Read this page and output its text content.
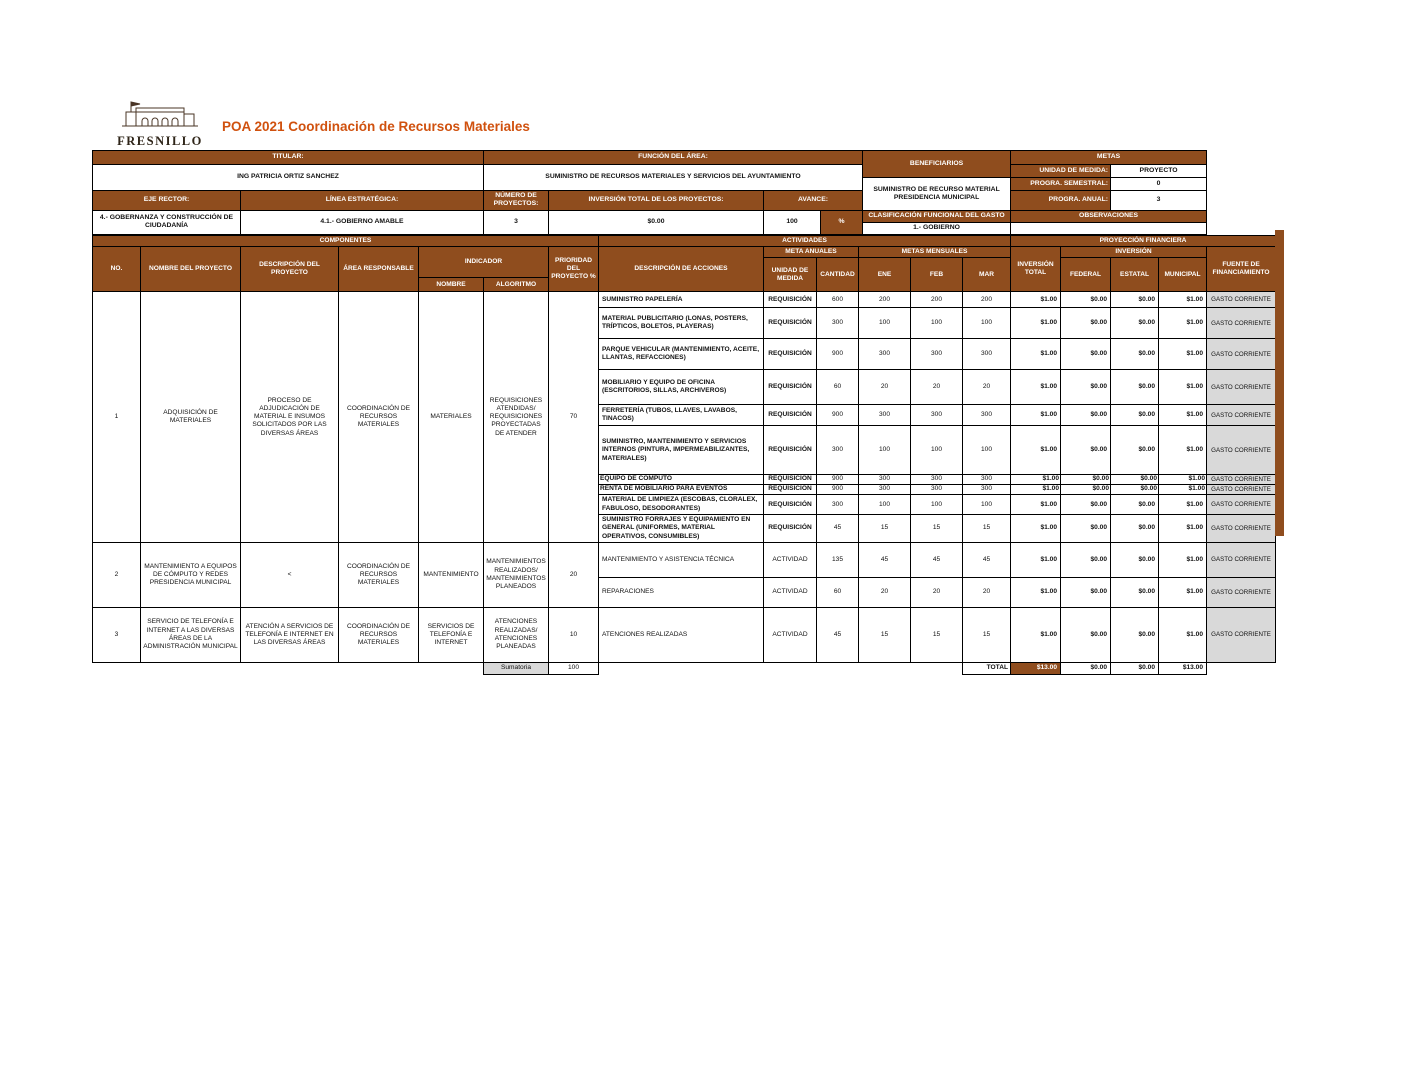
FRESNILLO
POA 2021 Coordinación de Recursos Materiales
TITULAR:		FUNCIÓN DEL ÁREA:				BENEFICIARIOS	METAS	
ING PATRICIA ORTIZ SANCHEZ		SUMINISTRO DE RECURSOS MATERIALES Y SERVICIOS DEL AYUNTAMIENTO					UNIDAD DE MEDIDA:	PROYECTO
						SUMINISTRO DE RECURSO MATERIAL PRESIDENCIA MUNICIPAL	PROGRA. SEMESTRAL:	0
EJE RECTOR:	LÍNEA ESTRATÉGICA:	NÚMERO DE PROYECTOS:	INVERSIÓN TOTAL DE LOS PROYECTOS:	AVANCE:			PROGRA. ANUAL:	3
4.- GOBERNANZA Y CONSTRUCCIÓN DE CIUDADANÍA	4.1.- GOBIERNO AMABLE	3	$0.00	100	%	CLASIFICACIÓN FUNCIONAL DEL GASTO	OBSERVACIONES	
						1.- GOBIERNO		
COMPONENTES							ACTIVIDADES						PROYECCIÓN FINANCIERA				
NO.	NOMBRE DEL PROYECTO	DESCRIPCIÓN DEL PROYECTO	ÁREA RESPONSABLE	INDICADOR		PRIORIDAD DEL PROYECTO %	DESCRIPCIÓN DE ACCIONES	META ANUALES		METAS MENSUALES			INVERSIÓN TOTAL	INVERSIÓN			FUENTE DE FINANCIAMIENTO
								UNIDAD DE MEDIDA	CANTIDAD	ENE	FEB	MAR		FEDERAL	ESTATAL	MUNICIPAL	
				NOMBRE	ALGORITMO												
1	ADQUISICIÓN DE MATERIALES	PROCESO DE ADJUDICACIÓN DE MATERIAL E INSUMOS SOLICITADOS POR LAS DIVERSAS ÁREAS	COORDINACIÓN DE RECURSOS MATERIALES	MATERIALES	REQUISICIONES ATENDIDAS/ REQUISICIONES PROYECTADAS DE ATENDER	70	SUMINISTRO PAPELERÍA	REQUISICIÓN	600	200	200	200	$1.00	$0.00	$0.00	$1.00	GASTO CORRIENTE
							MATERIAL PUBLICITARIO (LONAS, POSTERS, TRÍPTICOS, BOLETOS, PLAYERAS)	REQUISICIÓN	300	100	100	100	$1.00	$0.00	$0.00	$1.00	GASTO CORRIENTE
							PARQUE VEHICULAR (MANTENIMIENTO, ACEITE, LLANTAS, REFACCIONES)	REQUISICIÓN	900	300	300	300	$1.00	$0.00	$0.00	$1.00	GASTO CORRIENTE
							MOBILIARIO Y EQUIPO DE OFICINA (ESCRITORIOS, SILLAS, ARCHIVEROS)	REQUISICIÓN	60	20	20	20	$1.00	$0.00	$0.00	$1.00	GASTO CORRIENTE
							FERRETERÍA (TUBOS, LLAVES, LAVABOS, TINACOS)	REQUISICIÓN	900	300	300	300	$1.00	$0.00	$0.00	$1.00	GASTO CORRIENTE
							SUMINISTRO, MANTENIMIENTO Y SERVICIOS INTERNOS (PINTURA, IMPERMEABILIZANTES, MATERIALES)	REQUISICIÓN	300	100	100	100	$1.00	$0.00	$0.00	$1.00	GASTO CORRIENTE
							EQUIPO DE CÓMPUTO	REQUISICIÓN	900	300	300	300	$1.00	$0.00	$0.00	$1.00	GASTO CORRIENTE
							RENTA DE MOBILIARIO PARA EVENTOS	REQUISICIÓN	900	300	300	300	$1.00	$0.00	$0.00	$1.00	GASTO CORRIENTE
							MATERIAL DE LIMPIEZA (ESCOBAS, CLORALEX, FABULOSO, DESODORANTES)	REQUISICIÓN	300	100	100	100	$1.00	$0.00	$0.00	$1.00	GASTO CORRIENTE
							SUMINISTRO FORRAJES Y EQUIPAMIENTO EN GENERAL (UNIFORMES, MATERIAL OPERATIVOS, CONSUMIBLES)	REQUISICIÓN	45	15	15	15	$1.00	$0.00	$0.00	$1.00	GASTO CORRIENTE
2	MANTENIMIENTO A EQUIPOS DE CÓMPUTO Y REDES PRESIDENCIA MUNICIPAL	<	COORDINACIÓN DE RECURSOS MATERIALES	MANTENIMIENTO	MANTENIMIENTOS REALIZADOS/ MANTENIMIENTOS PLANEADOS	20	MANTENIMIENTO Y ASISTENCIA TÉCNICA	ACTIVIDAD	135	45	45	45	$1.00	$0.00	$0.00	$1.00	GASTO CORRIENTE
							REPARACIONES	ACTIVIDAD	60	20	20	20	$1.00	$0.00	$0.00	$1.00	GASTO CORRIENTE
3	SERVICIO DE TELEFONÍA E INTERNET A LAS DIVERSAS ÁREAS DE LA ADMINISTRACIÓN MUNICIPAL	ATENCIÓN A SERVICIOS DE TELEFONÍA E INTERNET EN LAS DIVERSAS ÁREAS	COORDINACIÓN DE RECURSOS MATERIALES	SERVICIOS DE TELEFONÍA E INTERNET	ATENCIONES REALIZADAS/ ATENCIONES PLANEADAS	10	ATENCIONES REALIZADAS	ACTIVIDAD	45	15	15	15	$1.00	$0.00	$0.00	$1.00	GASTO CORRIENTE
					Sumatoria	100						TOTAL	$13.00	$0.00	$0.00	$13.00	
